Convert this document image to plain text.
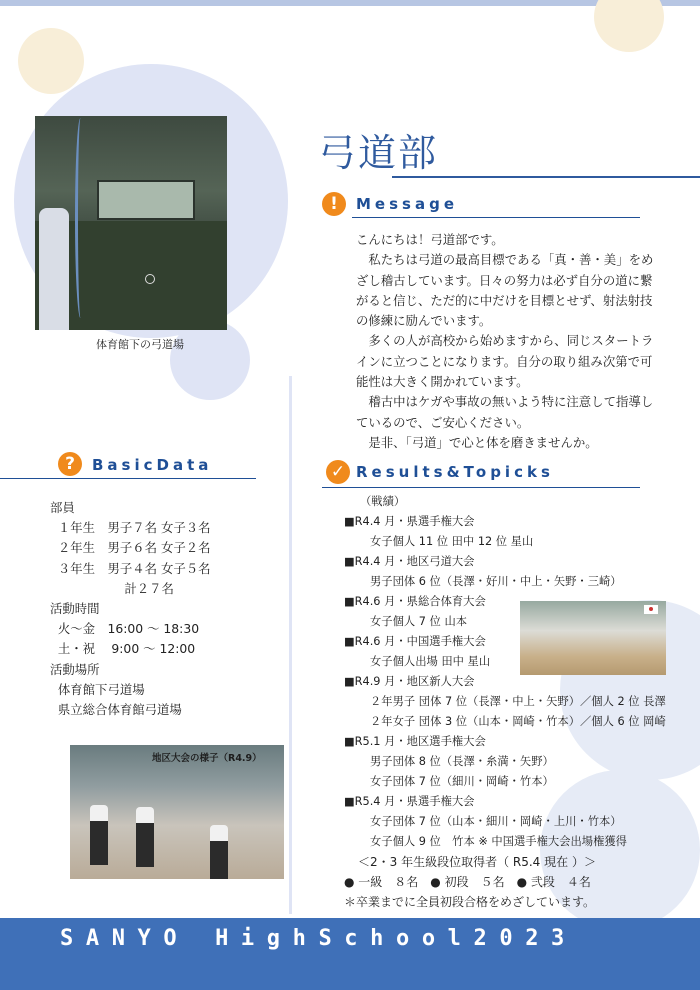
体育館下の弓道場
弓道部
!	Message

こんにちは！弓道部です。

　私たちは弓道の最高目標である「真・善・美」をめざし稽古しています。日々の努力は必ず自分の道に繋がると信じ、ただ的に中だけを目標とせず、射法射技の修練に励んでいます。

　多くの人が高校から始めますから、同じスタートラインに立つことになります。自分の取り組み次第で可能性は大きく開かれています。

　稽古中はケガや事故の無いよう特に注意して指導しているので、ご安心ください。

　是非、「弓道」で心と体を磨きませんか。

?	BasicData
部員
１年生　男子７名 女子３名
２年生　男子６名 女子２名
３年生　男子４名 女子５名
　　　　　　計２７名
活動時間
火～金　16:00 ～ 18:30
土・祝　 9:00 ～ 12:00
活動場所
体育館下弓道場
県立総合体育館弓道場
地区大会の様子（R4.9）
✓ Results&Topicks
（戦績）
■R4.4 月・県選手権大会
女子個人 11 位 田中 12 位 星山
■R4.4 月・地区弓道大会
男子団体 6 位（長澤・好川・中上・矢野・三崎）
■R4.6 月・県総合体育大会
女子個人 7 位 山本
■R4.6 月・中国選手権大会
女子個人出場 田中 星山
■R4.9 月・地区新人大会
２年男子 団体 7 位（長澤・中上・矢野）／個人 2 位 長澤
２年女子 団体 3 位（山本・岡崎・竹本）／個人 6 位 岡崎
■R5.1 月・地区選手権大会
男子団体 8 位（長澤・糸満・矢野）
女子団体 7 位（細川・岡崎・竹本）
■R5.4 月・県選手権大会
女子団体 7 位（山本・細川・岡崎・上川・竹本）
女子個人 9 位　竹本 ※ 中国選手権大会出場権獲得
＜2・3 年生級段位取得者（ R5.4 現在 ）＞
● 一級　８名　● 初段　５名　● 弐段　４名
＊卒業までに全員初段合格をめざしています。
SANYO HighSchool2023
